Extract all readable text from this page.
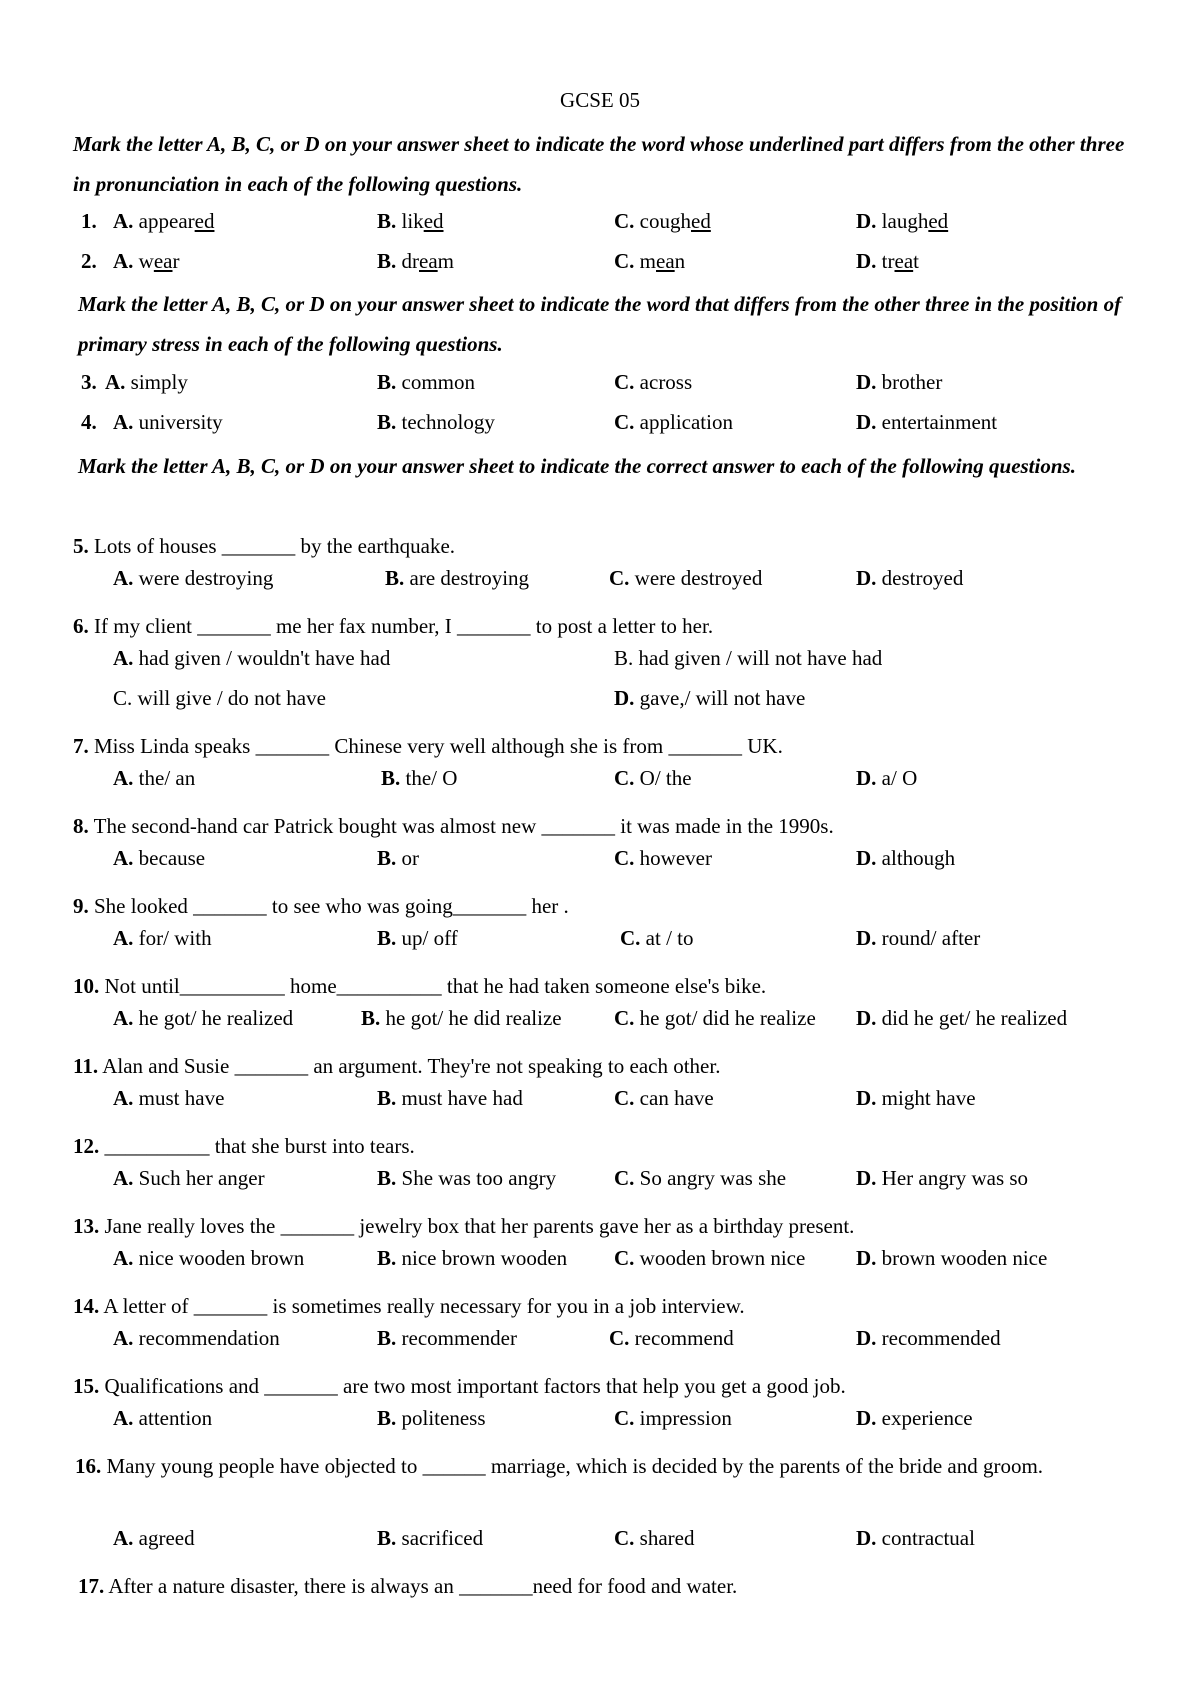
GCSE 05
Mark the letter A, B, C, or D on your answer sheet to indicate the word whose underlined part differs from the other three in pronunciation in each of the following questions.
1. A. appeared	B. liked	C. coughed	D. laughed
2. A. wear	B. dream	C. mean	D. treat
Mark the letter A, B, C, or D on your answer sheet to indicate the word that differs from the other three in the position of primary stress in each of the following questions.
3. A. simply	B. common	C. across	D. brother
4. A. university	B. technology	C. application	D. entertainment
Mark the letter A, B, C, or D on your answer sheet to indicate the correct answer to each of the following questions.
5. Lots of houses _______ by the earthquake.
A. were destroying	B. are destroying	C. were destroyed	D. destroyed
6. If my client _______ me her fax number, I _______ to post a letter to her.
A. had given / wouldn't have had	B. had given / will not have had
C. will give / do not have	D. gave,/ will not have
7. Miss Linda speaks _______ Chinese very well although she is from _______ UK.
A. the/ an	B. the/ O	C. O/ the	D. a/ O
8. The second-hand car Patrick bought was almost new _______ it was made in the 1990s.
A. because	B. or	C. however	D. although
9. She looked _______ to see who was going_______ her .
A. for/ with	B. up/ off	C. at / to	D. round/ after
10. Not until__________ home__________ that he had taken someone else's bike.
A. he got/ he realized	B. he got/ he did realize C. he got/ did he realize D. did he get/ he realized
11. Alan and Susie _______ an argument. They're not speaking to each other.
A. must have	B. must have had	C. can have	D. might have
12. __________ that she burst into tears.
A. Such her anger	B. She was too angry	C. So angry was she	D. Her angry was so
13. Jane really loves the _______ jewelry box that her parents gave her as a birthday present.
A. nice wooden brown	B. nice brown wooden C. wooden brown nice D. brown wooden nice
14. A letter of _______ is sometimes really necessary for you in a job interview.
A. recommendation	B. recommender	C. recommend	D. recommended
15. Qualifications and _______ are two most important factors that help you get a good job.
A. attention	B. politeness	C. impression	D. experience
16. Many young people have objected to ______ marriage, which is decided by the parents of the bride and groom.
A. agreed	B. sacrificed	C. shared	D. contractual
17. After a nature disaster, there is always an _______need for food and water.
